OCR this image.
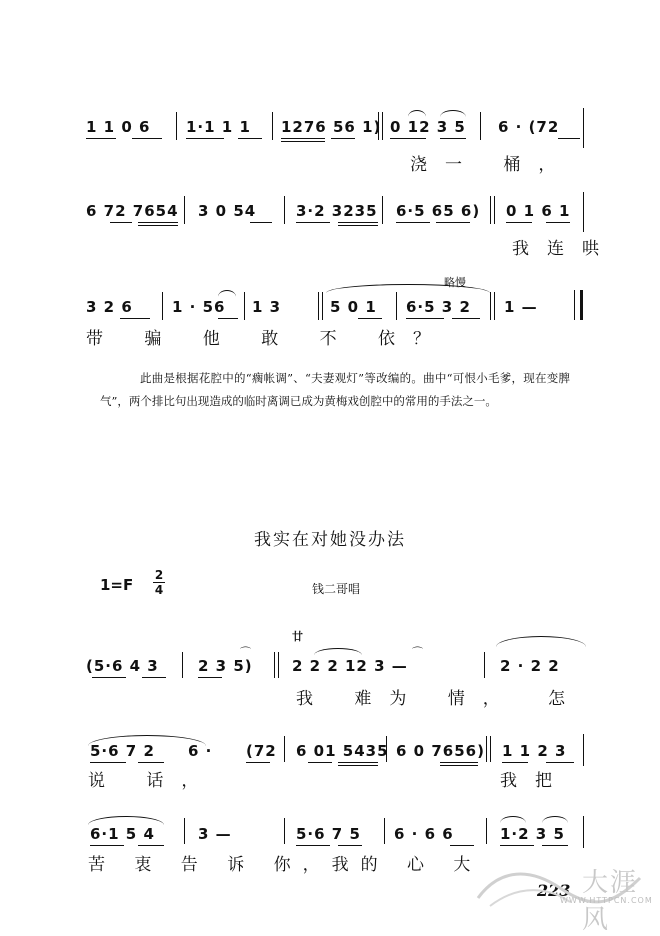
1 1 0 6 1·1 1 1 1276 56 1) 0 12 3 5 6 · (72
浇一 桶，
6 72 7654 3 0 54	3·2 3235 6·5 65 6) 0 1 6 1
我连哄
略慢
3 2 6	1 · 56 1 3	5 0 1 6·5 3 2 1 —
带 骗 他 敢 不 依？
此曲是根据花腔中的“瘸帐调”、“夫妻观灯”等改编的。曲中“可恨小毛爹，现在变脾气”，两个排比句出现造成的临时离调已成为黄梅戏创腔中的常用的手法之一。
我实在对她没办法
1=F
2
4	钱二哥唱
(5·6 4 3	2 3 5)
⌒
廿
2 2 2 12 3 —
⌒
2 · 2 2
我 难为 情， 怎
5·6 7 2 6 · (72 6 01 5435 6 0 7656) 1 1 2 3
说 话，	我把
6·1 5 4	3 —	5·6 7 5 6 · 6 6	1·2 3 5
苦 衷 告 诉 你，我的 心 大
223 大涯风
WWW.HTTPCN.COM
